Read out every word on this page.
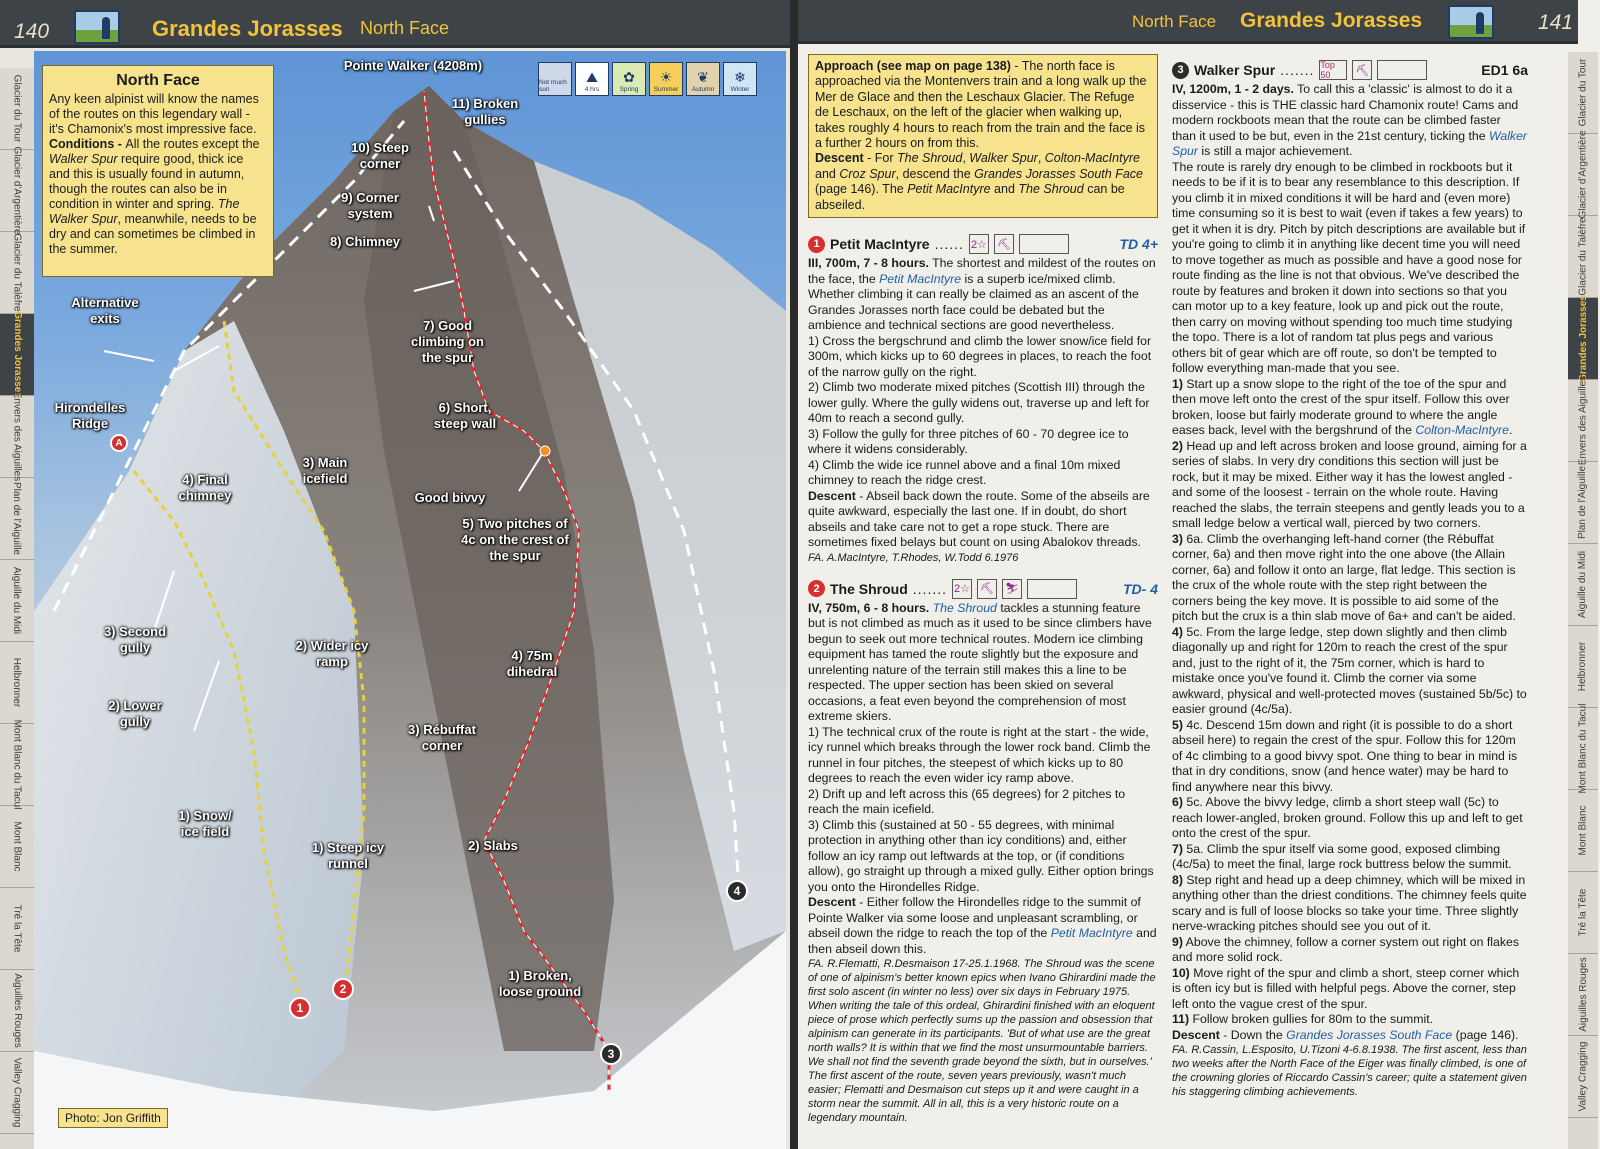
140	Grandes Jorasses North Face
Glacier du Tour
Glacier d'Argentière
Glacier du Talèfre
Grandes Jorasses
Envers des Aiguilles
Plan de l'Aiguille
Aiguille du Midi
Helbronner
Mont Blanc du Tacul
Mont Blanc
Tré la Tête
Aiguilles Rouges
Valley Cragging
North Face

Any keen alpinist will know the names of the routes on this legendary wall - it's Chamonix's most impressive face.

Conditions - All the routes except the Walker Spur require good, thick ice and this is usually found in autumn, though the routes can also be in condition in winter and spring. The Walker Spur, meanwhile, needs to be dry and can sometimes be climbed in the summer.

Not much sun
⛰
4 hrs
✿
Spring
☀
Summer
❦
Autumn
❄
Winter
Pointe Walker (4208m)
11) Broken gullies
10) Steep corner
9) Corner system
8) Chimney
Alternative exits	7) Good climbing on the spur
Hirondelles Ridge
6) Short, steep wall
4) Final chimney
3) Main icefield
Good bivvy
5) Two pitches of 4c on the crest of the spur
3) Second gully	2) Wider icy ramp	4) 75m dihedral
2) Lower gully
3) Rébuffat corner
1) Snow/ ice field
1) Steep icy runnel
2) Slabs
1) Broken, loose ground
1
2
3
4
A
Photo: Jon Griffith
North Face Grandes Jorasses	141
Glacier du Tour
Glacier d'Argentière
Glacier du Talèfre
Grandes Jorasses
Envers des Aiguilles
Plan de l'Aiguille
Aiguille du Midi
Helbronner
Mont Blanc du Tacul
Mont Blanc
Tré la Tête
Aiguilles Rouges
Valley Cragging
Approach (see map on page 138) - The north face is approached via the Montenvers train and a long walk up the Mer de Glace and then the Leschaux Glacier. The Refuge de Leschaux, on the left of the glacier when walking up, takes roughly 4 hours to reach from the train and the face is a further 2 hours on from this.
Descent - For The Shroud, Walker Spur, Colton-MacIntyre and Croz Spur, descend the Grandes Jorasses South Face (page 146). The Petit MacIntyre and The Shroud can be abseiled.
1 Petit MacIntyre ...... 2☆ ⛏	TD 4+

III, 700m, 7 - 8 hours. The shortest and mildest of the routes on the face, the Petit MacIntyre is a superb ice/mixed climb. Whether climbing it can really be claimed as an ascent of the Grandes Jorasses north face could be debated but the ambience and technical sections are good nevertheless.

1) Cross the bergschrund and climb the lower snow/ice field for 300m, which kicks up to 60 degrees in places, to reach the foot of the narrow gully on the right.

2) Climb two moderate mixed pitches (Scottish III) through the lower gully. Where the gully widens out, traverse up and left for 40m to reach a second gully.

3) Follow the gully for three pitches of 60 - 70 degree ice to where it widens considerably.

4) Climb the wide ice runnel above and a final 10m mixed chimney to reach the ridge crest.

Descent - Abseil back down the route. Some of the abseils are quite awkward, especially the last one. If in doubt, do short abseils and take care not to get a rope stuck. There are sometimes fixed belays but count on using Abalokov threads.

FA. A.MacIntyre, T.Rhodes, W.Todd 6.1976

2 The Shroud ....... 2☆ ⛏ ⛷	TD- 4

IV, 750m, 6 - 8 hours. The Shroud tackles a stunning feature but is not climbed as much as it used to be since climbers have begun to seek out more technical routes. Modern ice climbing equipment has tamed the route slightly but the exposure and unrelenting nature of the terrain still makes this a line to be respected. The upper section has been skied on several occasions, a feat even beyond the comprehension of most extreme skiers.

1) The technical crux of the route is right at the start - the wide, icy runnel which breaks through the lower rock band. Climb the runnel in four pitches, the steepest of which kicks up to 80 degrees to reach the even wider icy ramp above.

2) Drift up and left across this (65 degrees) for 2 pitches to reach the main icefield.

3) Climb this (sustained at 50 - 55 degrees, with minimal protection in anything other than icy conditions) and, either follow an icy ramp out leftwards at the top, or (if conditions allow), go straight up through a mixed gully. Either option brings you onto the Hirondelles Ridge.

Descent - Either follow the Hirondelles ridge to the summit of Pointe Walker via some loose and unpleasant scrambling, or abseil down the ridge to reach the top of the Petit MacIntyre and then abseil down this.

FA. R.Flematti, R.Desmaison 17-25.1.1968. The Shroud was the scene of one of alpinism's better known epics when Ivano Ghirardini made the first solo ascent (in winter no less) over six days in February 1975. When writing the tale of this ordeal, Ghirardini finished with an eloquent piece of prose which perfectly sums up the passion and obsession that alpinism can generate in its participants. 'But of what use are the great north walls? It is within that we find the most unsurmountable barriers. We shall not find the seventh grade beyond the sixth, but in ourselves.'

The first ascent of the route, seven years previously, wasn't much easier; Flematti and Desmaison cut steps up it and were caught in a storm near the summit. All in all, this is a very historic route on a legendary mountain.

3 Walker Spur ....... Top 50	⛏	ED1 6a

IV, 1200m, 1 - 2 days. To call this a 'classic' is almost to do it a disservice - this is THE classic hard Chamonix route! Cams and modern rockboots mean that the route can be climbed faster than it used to be but, even in the 21st century, ticking the Walker Spur is still a major achievement.

The route is rarely dry enough to be climbed in rockboots but it needs to be if it is to bear any resemblance to this description. If you climb it in mixed conditions it will be hard and (even more) time consuming so it is best to wait (even if takes a few years) to get it when it is dry. Pitch by pitch descriptions are available but if you're going to climb it in anything like decent time you will need to move together as much as possible and have a good nose for route finding as the line is not that obvious. We've described the route by features and broken it down into sections so that you can motor up to a key feature, look up and pick out the route, then carry on moving without spending too much time studying the topo. There is a lot of random tat plus pegs and various others bit of gear which are off route, so don't be tempted to follow everything man-made that you see.

1) Start up a snow slope to the right of the toe of the spur and then move left onto the crest of the spur itself. Follow this over broken, loose but fairly moderate ground to where the angle eases back, level with the bergshrund of the Colton-MacIntyre.

2) Head up and left across broken and loose ground, aiming for a series of slabs. In very dry conditions this section will just be rock, but it may be mixed. Either way it has the lowest angled - and some of the loosest - terrain on the whole route. Having reached the slabs, the terrain steepens and gently leads you to a small ledge below a vertical wall, pierced by two corners.

3) 6a. Climb the overhanging left-hand corner (the Rébuffat corner, 6a) and then move right into the one above (the Allain corner, 6a) and follow it onto an large, flat ledge. This section is the crux of the whole route with the step right between the corners being the key move. It is possible to aid some of the pitch but the crux is a thin slab move of 6a+ and can't be aided.

4) 5c. From the large ledge, step down slightly and then climb diagonally up and right for 120m to reach the crest of the spur and, just to the right of it, the 75m corner, which is hard to mistake once you've found it. Climb the corner via some awkward, physical and well-protected moves (sustained 5b/5c) to easier ground (4c/5a).

5) 4c. Descend 15m down and right (it is possible to do a short abseil here) to regain the crest of the spur. Follow this for 120m of 4c climbing to a good bivvy spot. One thing to bear in mind is that in dry conditions, snow (and hence water) may be hard to find anywhere near this bivvy.

6) 5c. Above the bivvy ledge, climb a short steep wall (5c) to reach lower-angled, broken ground. Follow this up and left to get onto the crest of the spur.

7) 5a. Climb the spur itself via some good, exposed climbing (4c/5a) to meet the final, large rock buttress below the summit.

8) Step right and head up a deep chimney, which will be mixed in anything other than the driest conditions. The chimney feels quite scary and is full of loose blocks so take your time. Three slightly nerve-wracking pitches should see you out of it.

9) Above the chimney, follow a corner system out right on flakes and more solid rock.

10) Move right of the spur and climb a short, steep corner which is often icy but is filled with helpful pegs. Above the corner, step left onto the vague crest of the spur.

11) Follow broken gullies for 80m to the summit.

Descent - Down the Grandes Jorasses South Face (page 146).

FA. R.Cassin, L.Esposito, U.Tizoni 4-6.8.1938. The first ascent, less than two weeks after the North Face of the Eiger was finally climbed, is one of the crowning glories of Riccardo Cassin's career; quite a statement given his staggering climbing achievements.
